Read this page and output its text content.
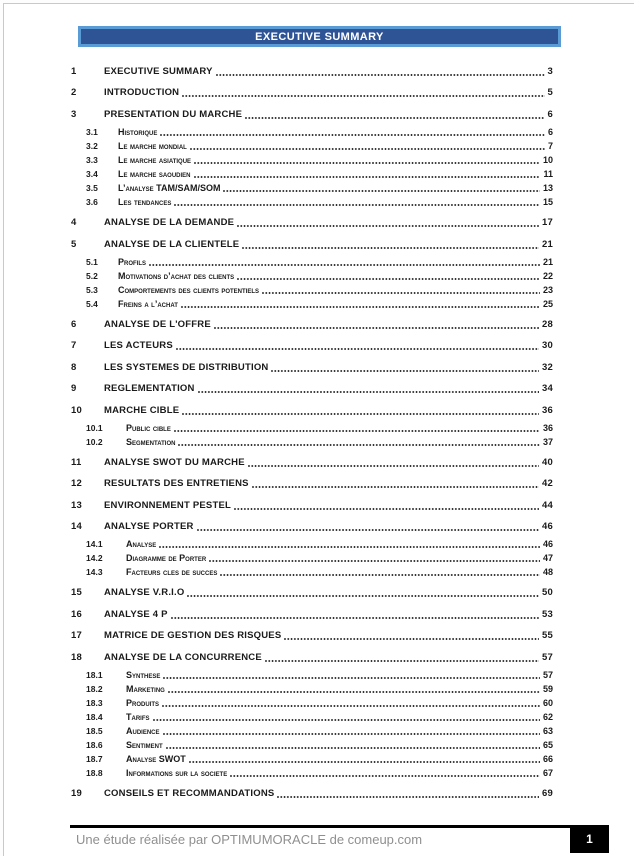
EXECUTIVE SUMMARY
1	EXECUTIVE SUMMARY	3
2	INTRODUCTION	5
3	PRESENTATION DU MARCHE	6
3.1	Historique	6
3.2	Le marche mondial	7
3.3	Le marche asiatique	10
3.4	Le marche saoudien	11
3.5	L’analyse TAM/SAM/SOM	13
3.6	Les tendances	15
4	ANALYSE DE LA DEMANDE	17
5	ANALYSE DE LA CLIENTELE	21
5.1	Profils	21
5.2	Motivations d’achat des clients	22
5.3	Comportements des clients potentiels	23
5.4	Freins a l’achat	25
6	ANALYSE DE L'OFFRE	28
7	LES ACTEURS	30
8	LES SYSTEMES DE DISTRIBUTION	32
9	REGLEMENTATION	34
10	MARCHE CIBLE	36
10.1	Public cible	36
10.2	Segmentation	37
11	ANALYSE SWOT DU MARCHE	40
12	RESULTATS DES ENTRETIENS	42
13	ENVIRONNEMENT PESTEL	44
14	ANALYSE PORTER	46
14.1	Analyse	46
14.2	Diagramme de Porter	47
14.3	Facteurs cles de succes	48
15	ANALYSE V.R.I.O	50
16	ANALYSE 4 P	53
17	MATRICE DE GESTION DES RISQUES	55
18	ANALYSE DE LA CONCURRENCE	57
18.1	Synthese	57
18.2	Marketing	59
18.3	Produits	60
18.4	Tarifs	62
18.5	Audience	63
18.6	Sentiment	65
18.7	Analyse SWOT	66
18.8	Informations sur la societe	67
19	CONSEILS ET RECOMMANDATIONS	69
Une étude réalisée par OPTIMUMORACLE de comeup.com	1
